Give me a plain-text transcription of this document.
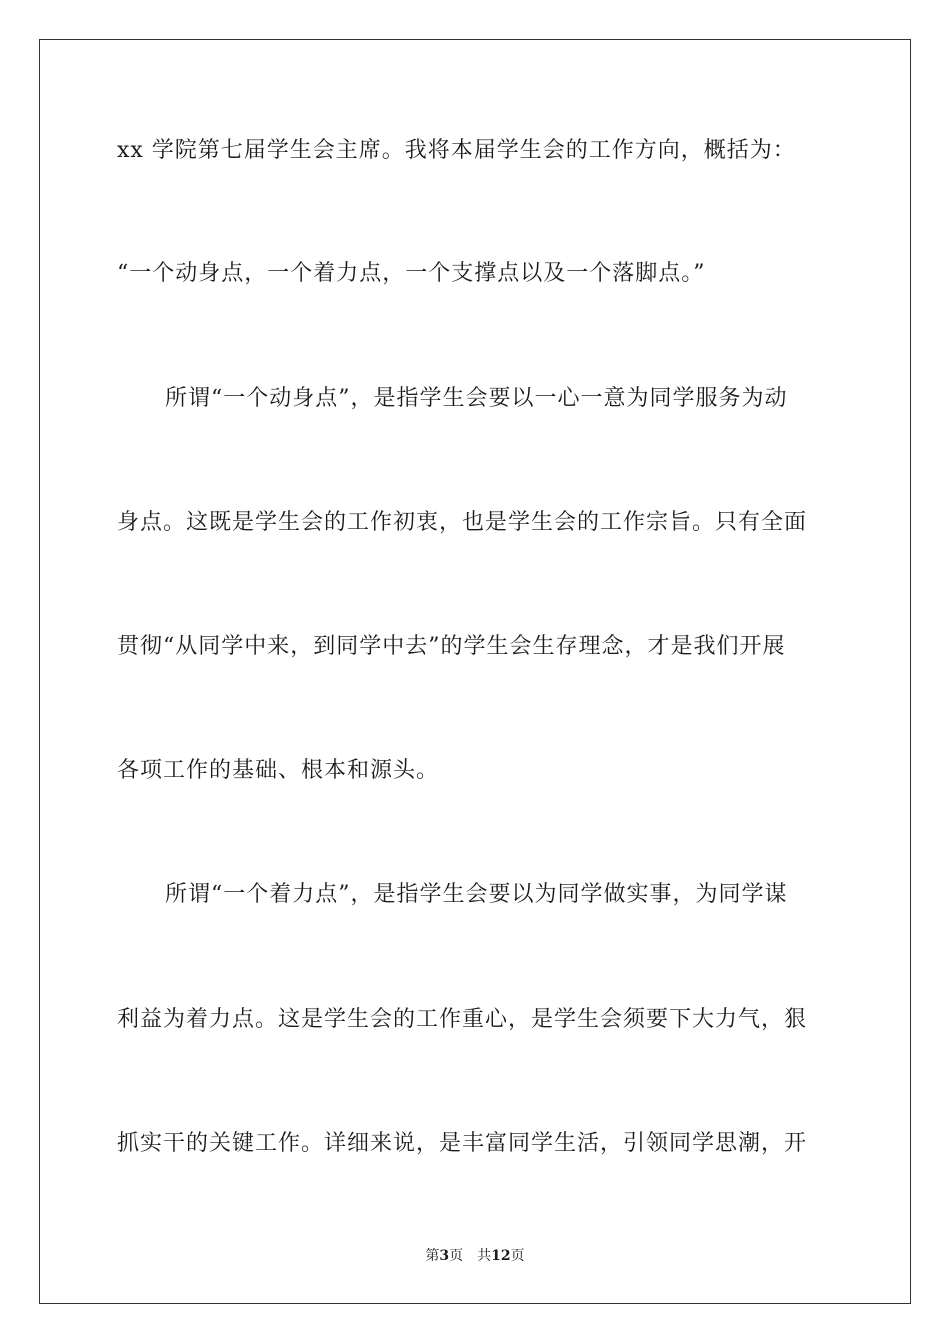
xx 学院第七届学生会主席。我将本届学生会的工作方向，概括为：
“一个动身点，一个着力点，一个支撑点以及一个落脚点。”
所谓“一个动身点”，是指学生会要以一心一意为同学服务为动
身点。这既是学生会的工作初衷，也是学生会的工作宗旨。只有全面
贯彻“从同学中来，到同学中去”的学生会生存理念，才是我们开展
各项工作的基础、根本和源头。
所谓“一个着力点”，是指学生会要以为同学做实事，为同学谋
利益为着力点。这是学生会的工作重心，是学生会须要下大力气，狠
抓实干的关键工作。详细来说，是丰富同学生活，引领同学思潮，开
第3页 共12页
